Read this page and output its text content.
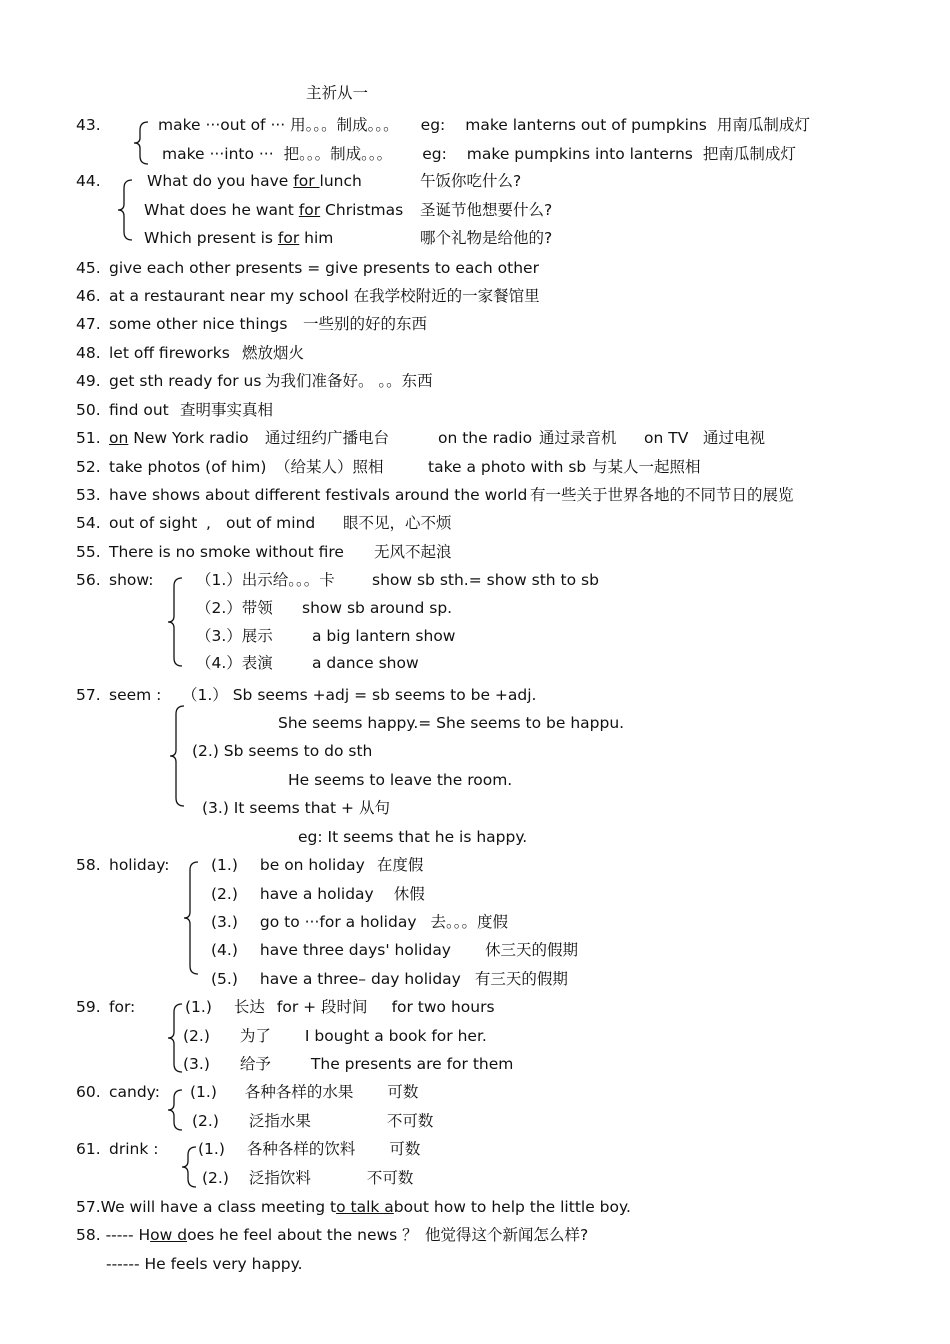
主祈从一
43.	make ···out of ··· 用。。。制成。。。 eg: make lanterns out of pumpkins 用南瓜制成灯
make ···into ··· 把。。。制成。。。 eg: make pumpkins into lanterns 把南瓜制成灯
44.	What do you have for lunch	午饭你吃什么?
What does he want for Christmas 圣诞节他想要什么?
Which present is for him	哪个礼物是给他的?
45. give each other presents = give presents to each other
46. at a restaurant near my school 在我学校附近的一家餐馆里
47. some other nice things 一些别的好的东西
48. let off fireworks 燃放烟火
49. get sth ready for us 为我们准备好。 。。东西
50. find out 查明事实真相
51. on New York radio 通过纽约广播电台	on the radio 通过录音机 on TV 通过电视
52. take photos (of him) （给某人）照相	take a photo with sb 与某人一起照相
53. have shows about different festivals around the world 有一些关于世界各地的不同节日的展览
54. out of sight , out of mind 眼不见，心不烦
55. There is no smoke without fire 无风不起浪
56. show:	（1.）出示给。。。卡 show sb sth.= show sth to sb
（2.）带领 show sb around sp.
（3.）展示	a big lantern show
（4.）表演	a dance show
57. seem : （1.） Sb seems +adj = sb seems to be +adj.
She seems happy.= She seems to be happu.
(2.) Sb seems to do sth
He seems to leave the room.
(3.) It seems that + 从句
eg: It seems that he is happy.
58. holiday:	(1.) be on holiday 在度假
(2.) have a holiday 休假
(3.) go to ···for a holiday 去。。。度假
(4.) have three days' holiday 休三天的假期
(5.) have a three– day holiday 有三天的假期
59. for:	(1.) 长达 for + 段时间 for two hours
(2.) 为了 I bought a book for her.
(3.) 给予	The presents are for them
60. candy: (1.) 各种各样的水果 可数
(2.) 泛指水果	不可数
61. drink :	(1.) 各种各样的饮料 可数
(2.) 泛指饮料	不可数
57.We will have a class meeting to talk about how to help the little boy.
58. ----- How does he feel about the news ？ 他觉得这个新闻怎么样?
------ He feels very happy.
